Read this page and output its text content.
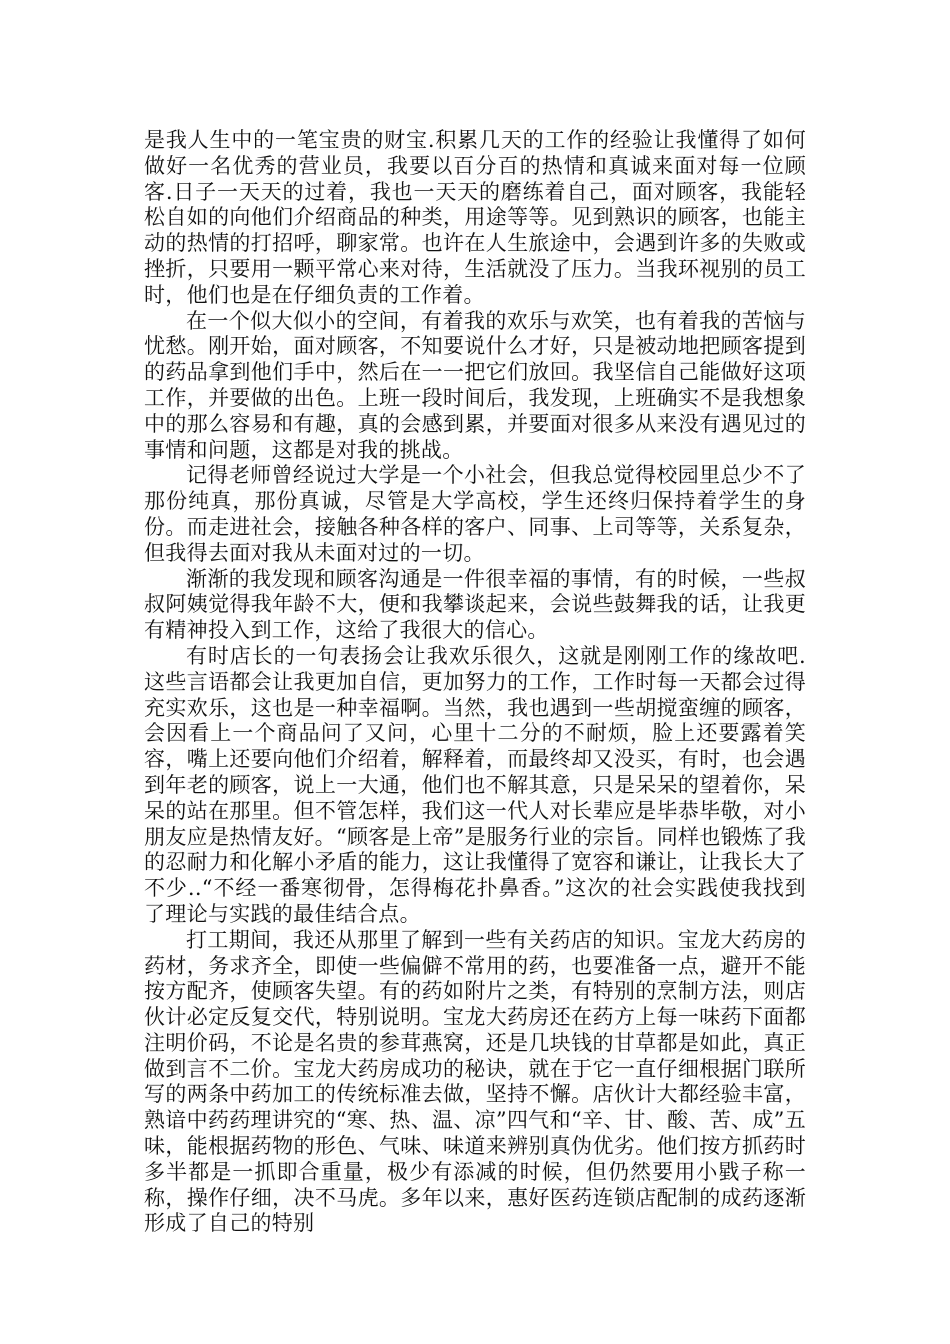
是我人生中的一笔宝贵的财宝.积累几天的工作的经验让我懂得了如何做好一名优秀的营业员，我要以百分百的热情和真诚来面对每一位顾客.日子一天天的过着，我也一天天的磨练着自己，面对顾客，我能轻松自如的向他们介绍商品的种类，用途等等。见到熟识的顾客，也能主动的热情的打招呼，聊家常。也许在人生旅途中，会遇到许多的失败或挫折，只要用一颗平常心来对待，生活就没了压力。当我环视别的员工时，他们也是在仔细负责的工作着。

在一个似大似小的空间，有着我的欢乐与欢笑，也有着我的苦恼与忧愁。刚开始，面对顾客，不知要说什么才好，只是被动地把顾客提到的药品拿到他们手中，然后在一一把它们放回。我坚信自己能做好这项工作，并要做的出色。上班一段时间后，我发现，上班确实不是我想象中的那么容易和有趣，真的会感到累，并要面对很多从来没有遇见过的事情和问题，这都是对我的挑战。

记得老师曾经说过大学是一个小社会，但我总觉得校园里总少不了那份纯真，那份真诚，尽管是大学高校，学生还终归保持着学生的身份。而走进社会，接触各种各样的客户、同事、上司等等，关系复杂，但我得去面对我从未面对过的一切。

渐渐的我发现和顾客沟通是一件很幸福的事情，有的时候，一些叔叔阿姨觉得我年龄不大，便和我攀谈起来，会说些鼓舞我的话，让我更有精神投入到工作，这给了我很大的信心。

有时店长的一句表扬会让我欢乐很久，这就是刚刚工作的缘故吧.这些言语都会让我更加自信，更加努力的工作，工作时每一天都会过得充实欢乐，这也是一种幸福啊。当然，我也遇到一些胡搅蛮缠的顾客，会因看上一个商品问了又问，心里十二分的不耐烦，脸上还要露着笑容，嘴上还要向他们介绍着，解释着，而最终却又没买，有时，也会遇到年老的顾客，说上一大通，他们也不解其意，只是呆呆的望着你，呆呆的站在那里。但不管怎样，我们这一代人对长辈应是毕恭毕敬，对小朋友应是热情友好。“顾客是上帝”是服务行业的宗旨。同样也锻炼了我的忍耐力和化解小矛盾的能力，这让我懂得了宽容和谦让，让我长大了不少..“不经一番寒彻骨，怎得梅花扑鼻香。”这次的社会实践使我找到了理论与实践的最佳结合点。

打工期间，我还从那里了解到一些有关药店的知识。宝龙大药房的药材，务求齐全，即使一些偏僻不常用的药，也要准备一点，避开不能按方配齐，使顾客失望。有的药如附片之类，有特别的烹制方法，则店伙计必定反复交代，特别说明。宝龙大药房还在药方上每一味药下面都注明价码，不论是名贵的参茸燕窝，还是几块钱的甘草都是如此，真正做到言不二价。宝龙大药房成功的秘诀，就在于它一直仔细根据门联所写的两条中药加工的传统标准去做，坚持不懈。店伙计大都经验丰富，熟谙中药药理讲究的“寒、热、温、凉”四气和“辛、甘、酸、苦、成”五味，能根据药物的形色、气味、味道来辨别真伪优劣。他们按方抓药时多半都是一抓即合重量，极少有添减的时候，但仍然要用小戥子称一称，操作仔细，决不马虎。多年以来，惠好医药连锁店配制的成药逐渐形成了自己的特别
